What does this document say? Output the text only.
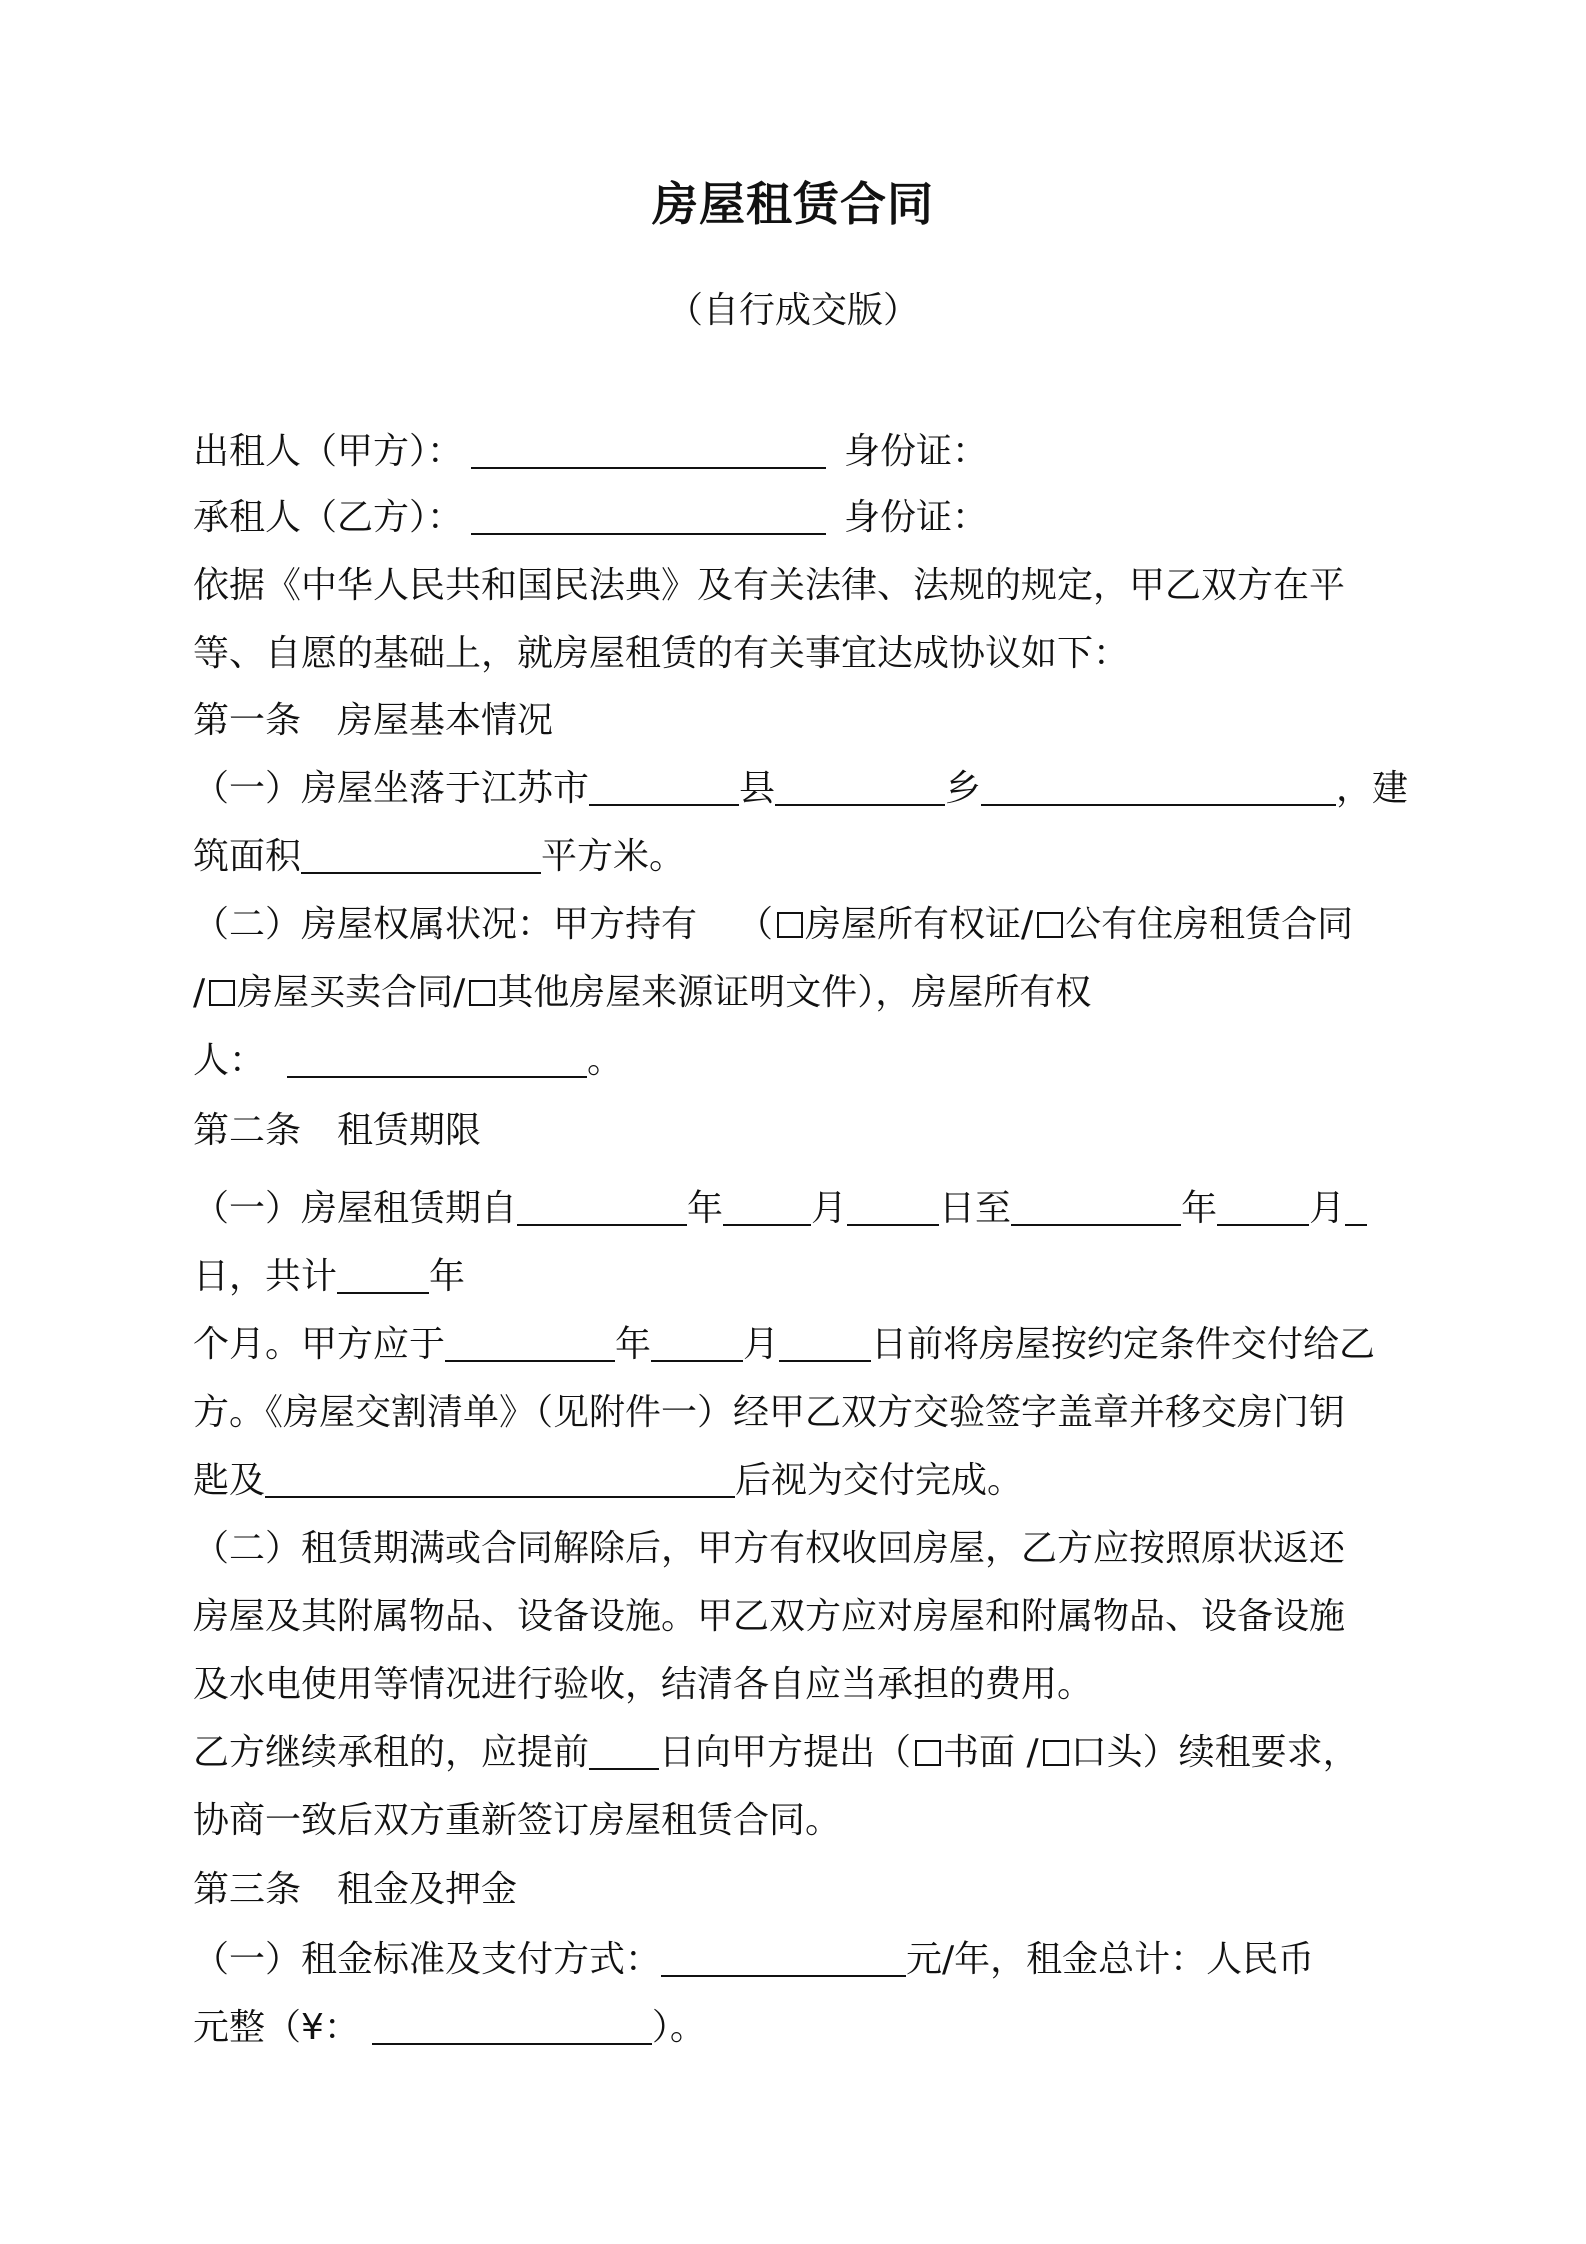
房屋租赁合同
（自行成交版）
出租人（甲方）：	身份证：
承租人（乙方）：	身份证：
依据《中华人民共和国民法典》及有关法律、法规的规定，甲乙双方在平
等、自愿的基础上，就房屋租赁的有关事宜达成协议如下：
第一条 房屋基本情况
（一）房屋坐落于江苏市	县	乡	，建
筑面积	平方米。
（二）房屋权属状况：甲方持有 （ 房屋所有权证/ 公有住房租赁合同
/ 房屋买卖合同/ 其他房屋来源证明文件），房屋所有权
人：	。
第二条 租赁期限
（一）房屋租赁期自	年 月	日至	年	月
日，共计	年
个月。甲方应于	年	月	日前将房屋按约定条件交付给乙
方。《房屋交割清单》（见附件一）经甲乙双方交验签字盖章并移交房门钥
匙及	后视为交付完成。
（二）租赁期满或合同解除后，甲方有权收回房屋，乙方应按照原状返还
房屋及其附属物品、设备设施。甲乙双方应对房屋和附属物品、设备设施
及水电使用等情况进行验收，结清各自应当承担的费用。
乙方继续承租的，应提前 日向甲方提出（ 书面 / 口头）续租要求，
协商一致后双方重新签订房屋租赁合同。
第三条 租金及押金
（一）租金标准及支付方式：	元/年，租金总计：人民币
元整（¥：	）。
